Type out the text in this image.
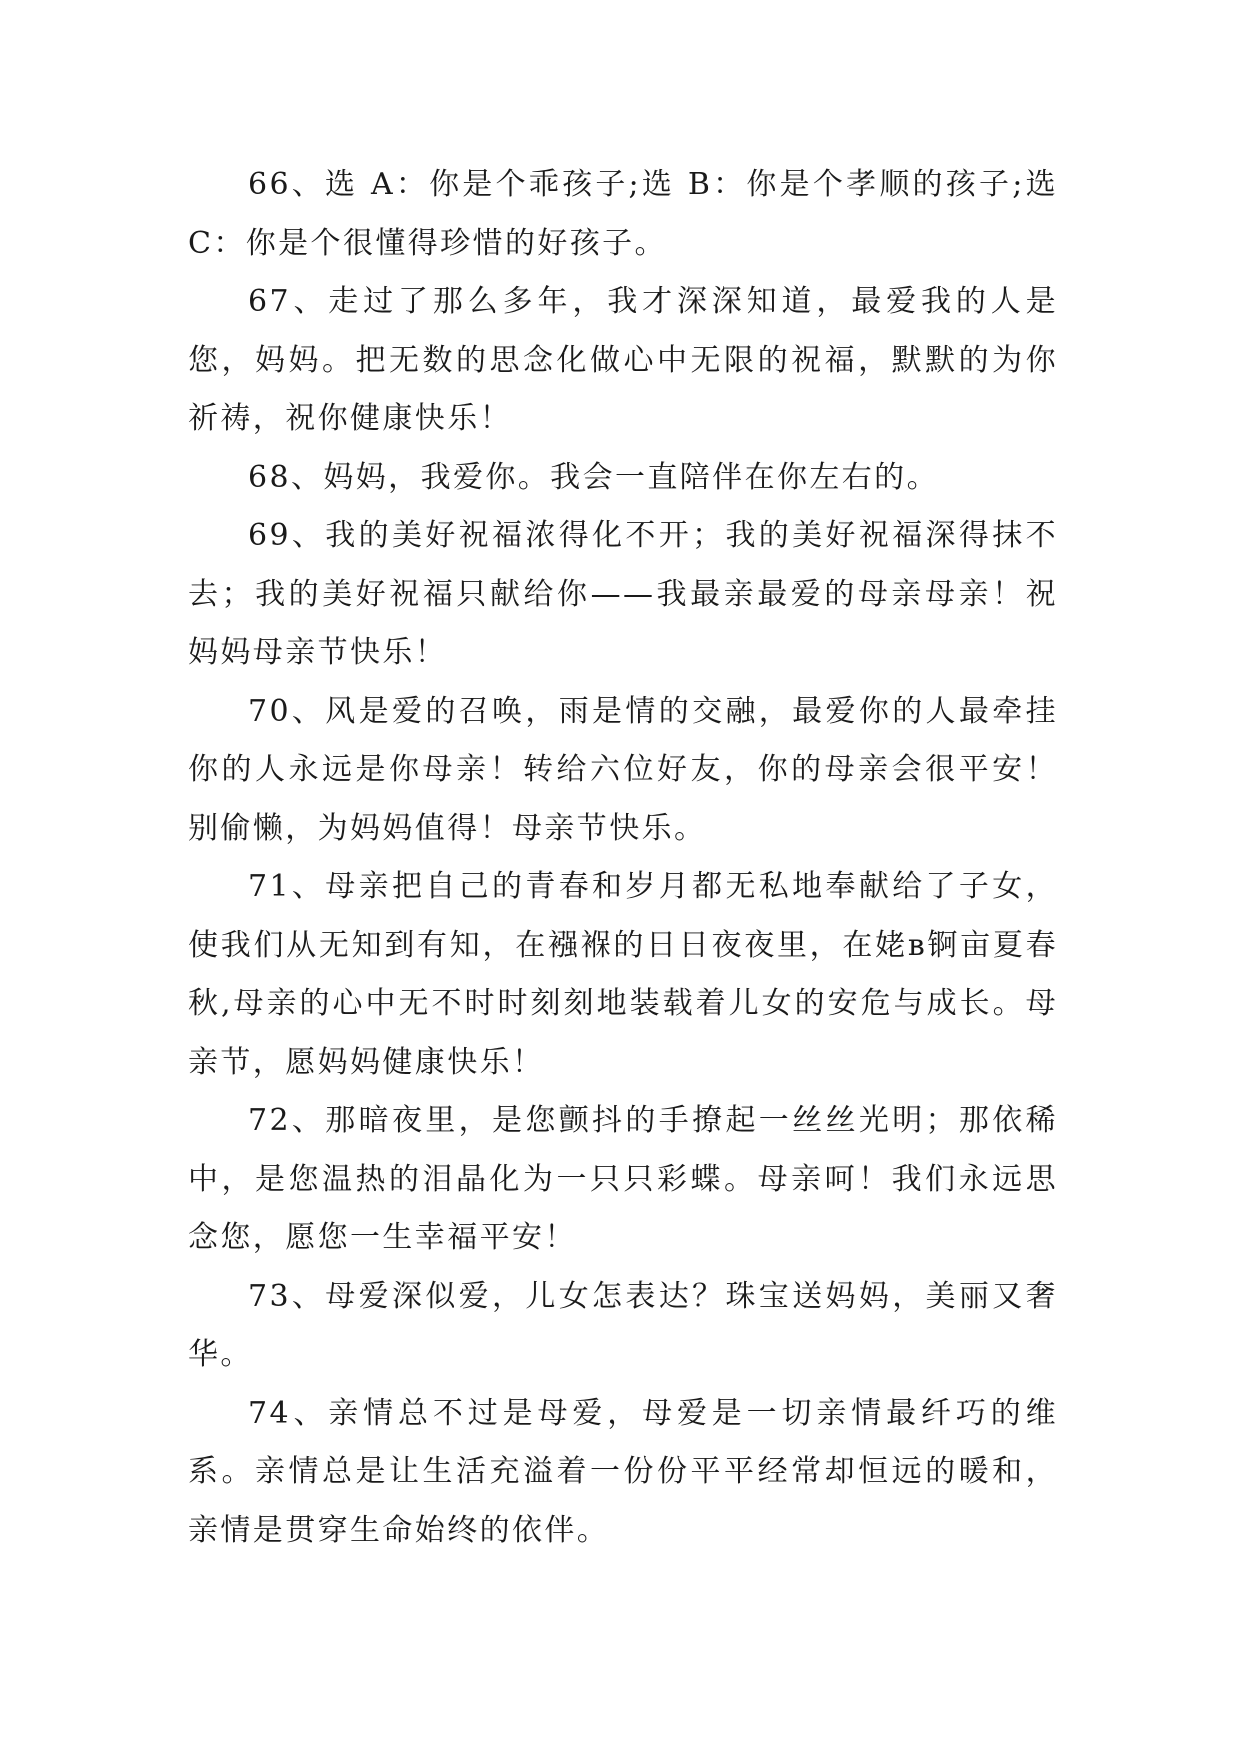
66、选 A：你是个乖孩子;选 B：你是个孝顺的孩子;选C：你是个很懂得珍惜的好孩子。

67、走过了那么多年，我才深深知道，最爱我的人是您，妈妈。把无数的思念化做心中无限的祝福，默默的为你祈祷，祝你健康快乐！

68、妈妈，我爱你。我会一直陪伴在你左右的。

69、我的美好祝福浓得化不开；我的美好祝福深得抹不去；我的美好祝福只献给你——我最亲最爱的母亲母亲！祝妈妈母亲节快乐！

70、风是爱的召唤，雨是情的交融，最爱你的人最牵挂你的人永远是你母亲！转给六位好友，你的母亲会很平安！别偷懒，为妈妈值得！母亲节快乐。

71、母亲把自己的青春和岁月都无私地奉献给了子女，使我们从无知到有知，在襁褓的日日夜夜里，在姥ʙ锕亩夏春秋,母亲的心中无不时时刻刻地装载着儿女的安危与成长。母亲节，愿妈妈健康快乐！

72、那暗夜里，是您颤抖的手撩起一丝丝光明；那依稀中，是您温热的泪晶化为一只只彩蝶。母亲呵！我们永远思念您，愿您一生幸福平安！

73、母爱深似爱，儿女怎表达？珠宝送妈妈，美丽又奢华。

74、亲情总不过是母爱，母爱是一切亲情最纤巧的维系。亲情总是让生活充溢着一份份平平经常却恒远的暖和，亲情是贯穿生命始终的依伴。
